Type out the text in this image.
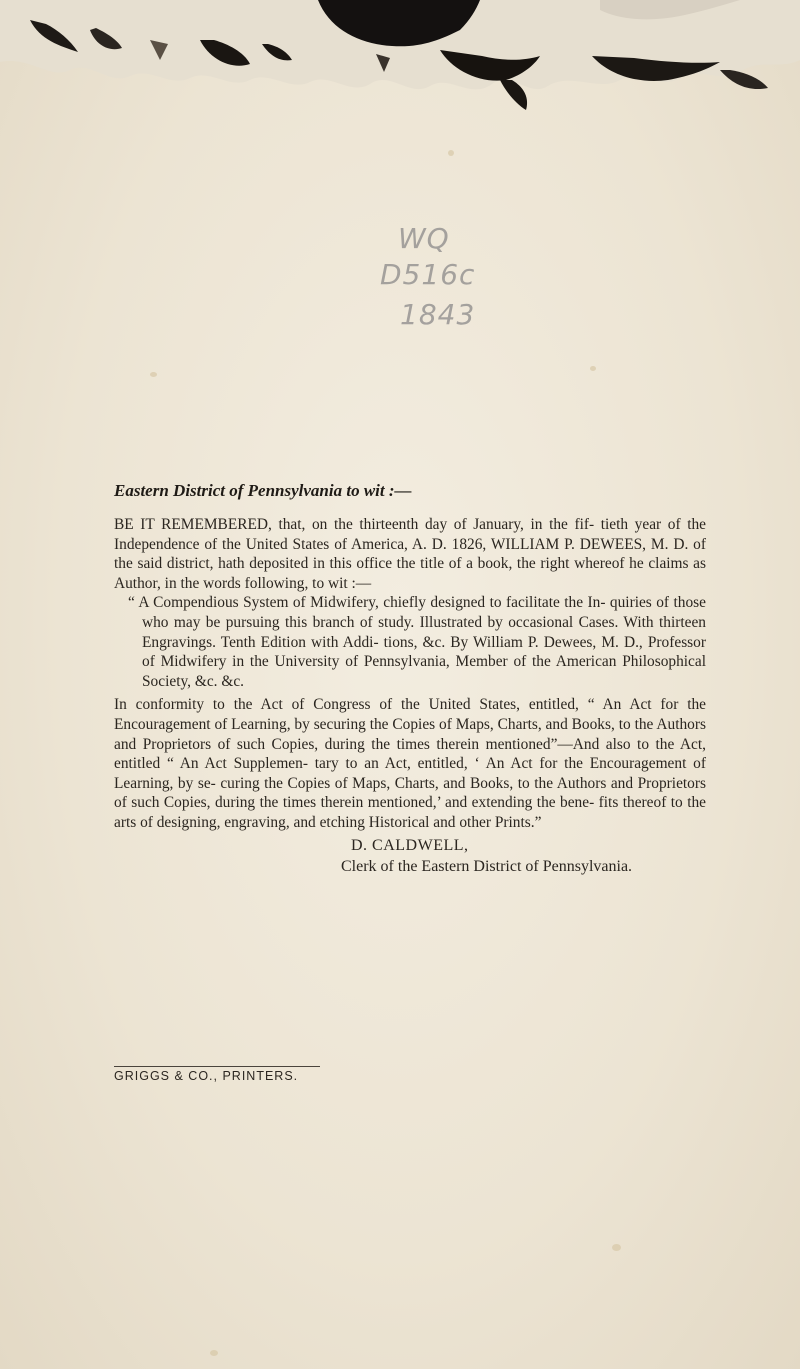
WQ
D516c
1843

Eastern District of Pennsylvania to wit :—

BE IT REMEMBERED, that, on the thirteenth day of January, in the fif- tieth year of the Independence of the United States of America, A. D. 1826, WILLIAM P. DEWEES, M. D. of the said district, hath deposited in this office the title of a book, the right whereof he claims as Author, in the words following, to wit :—

“ A Compendious System of Midwifery, chiefly designed to facilitate the In- quiries of those who may be pursuing this branch of study. Illustrated by occasional Cases. With thirteen Engravings. Tenth Edition with Addi- tions, &c. By William P. Dewees, M. D., Professor of Midwifery in the University of Pennsylvania, Member of the American Philosophical Society, &c. &c.

In conformity to the Act of Congress of the United States, entitled, “ An Act for the Encouragement of Learning, by securing the Copies of Maps, Charts, and Books, to the Authors and Proprietors of such Copies, during the times therein mentioned”—And also to the Act, entitled “ An Act Supplemen- tary to an Act, entitled, ‘ An Act for the Encouragement of Learning, by se- curing the Copies of Maps, Charts, and Books, to the Authors and Proprietors of such Copies, during the times therein mentioned,’ and extending the bene- fits thereof to the arts of designing, engraving, and etching Historical and other Prints.”

D. CALDWELL,
Clerk of the Eastern District of Pennsylvania.
GRIGGS & CO., PRINTERS.
